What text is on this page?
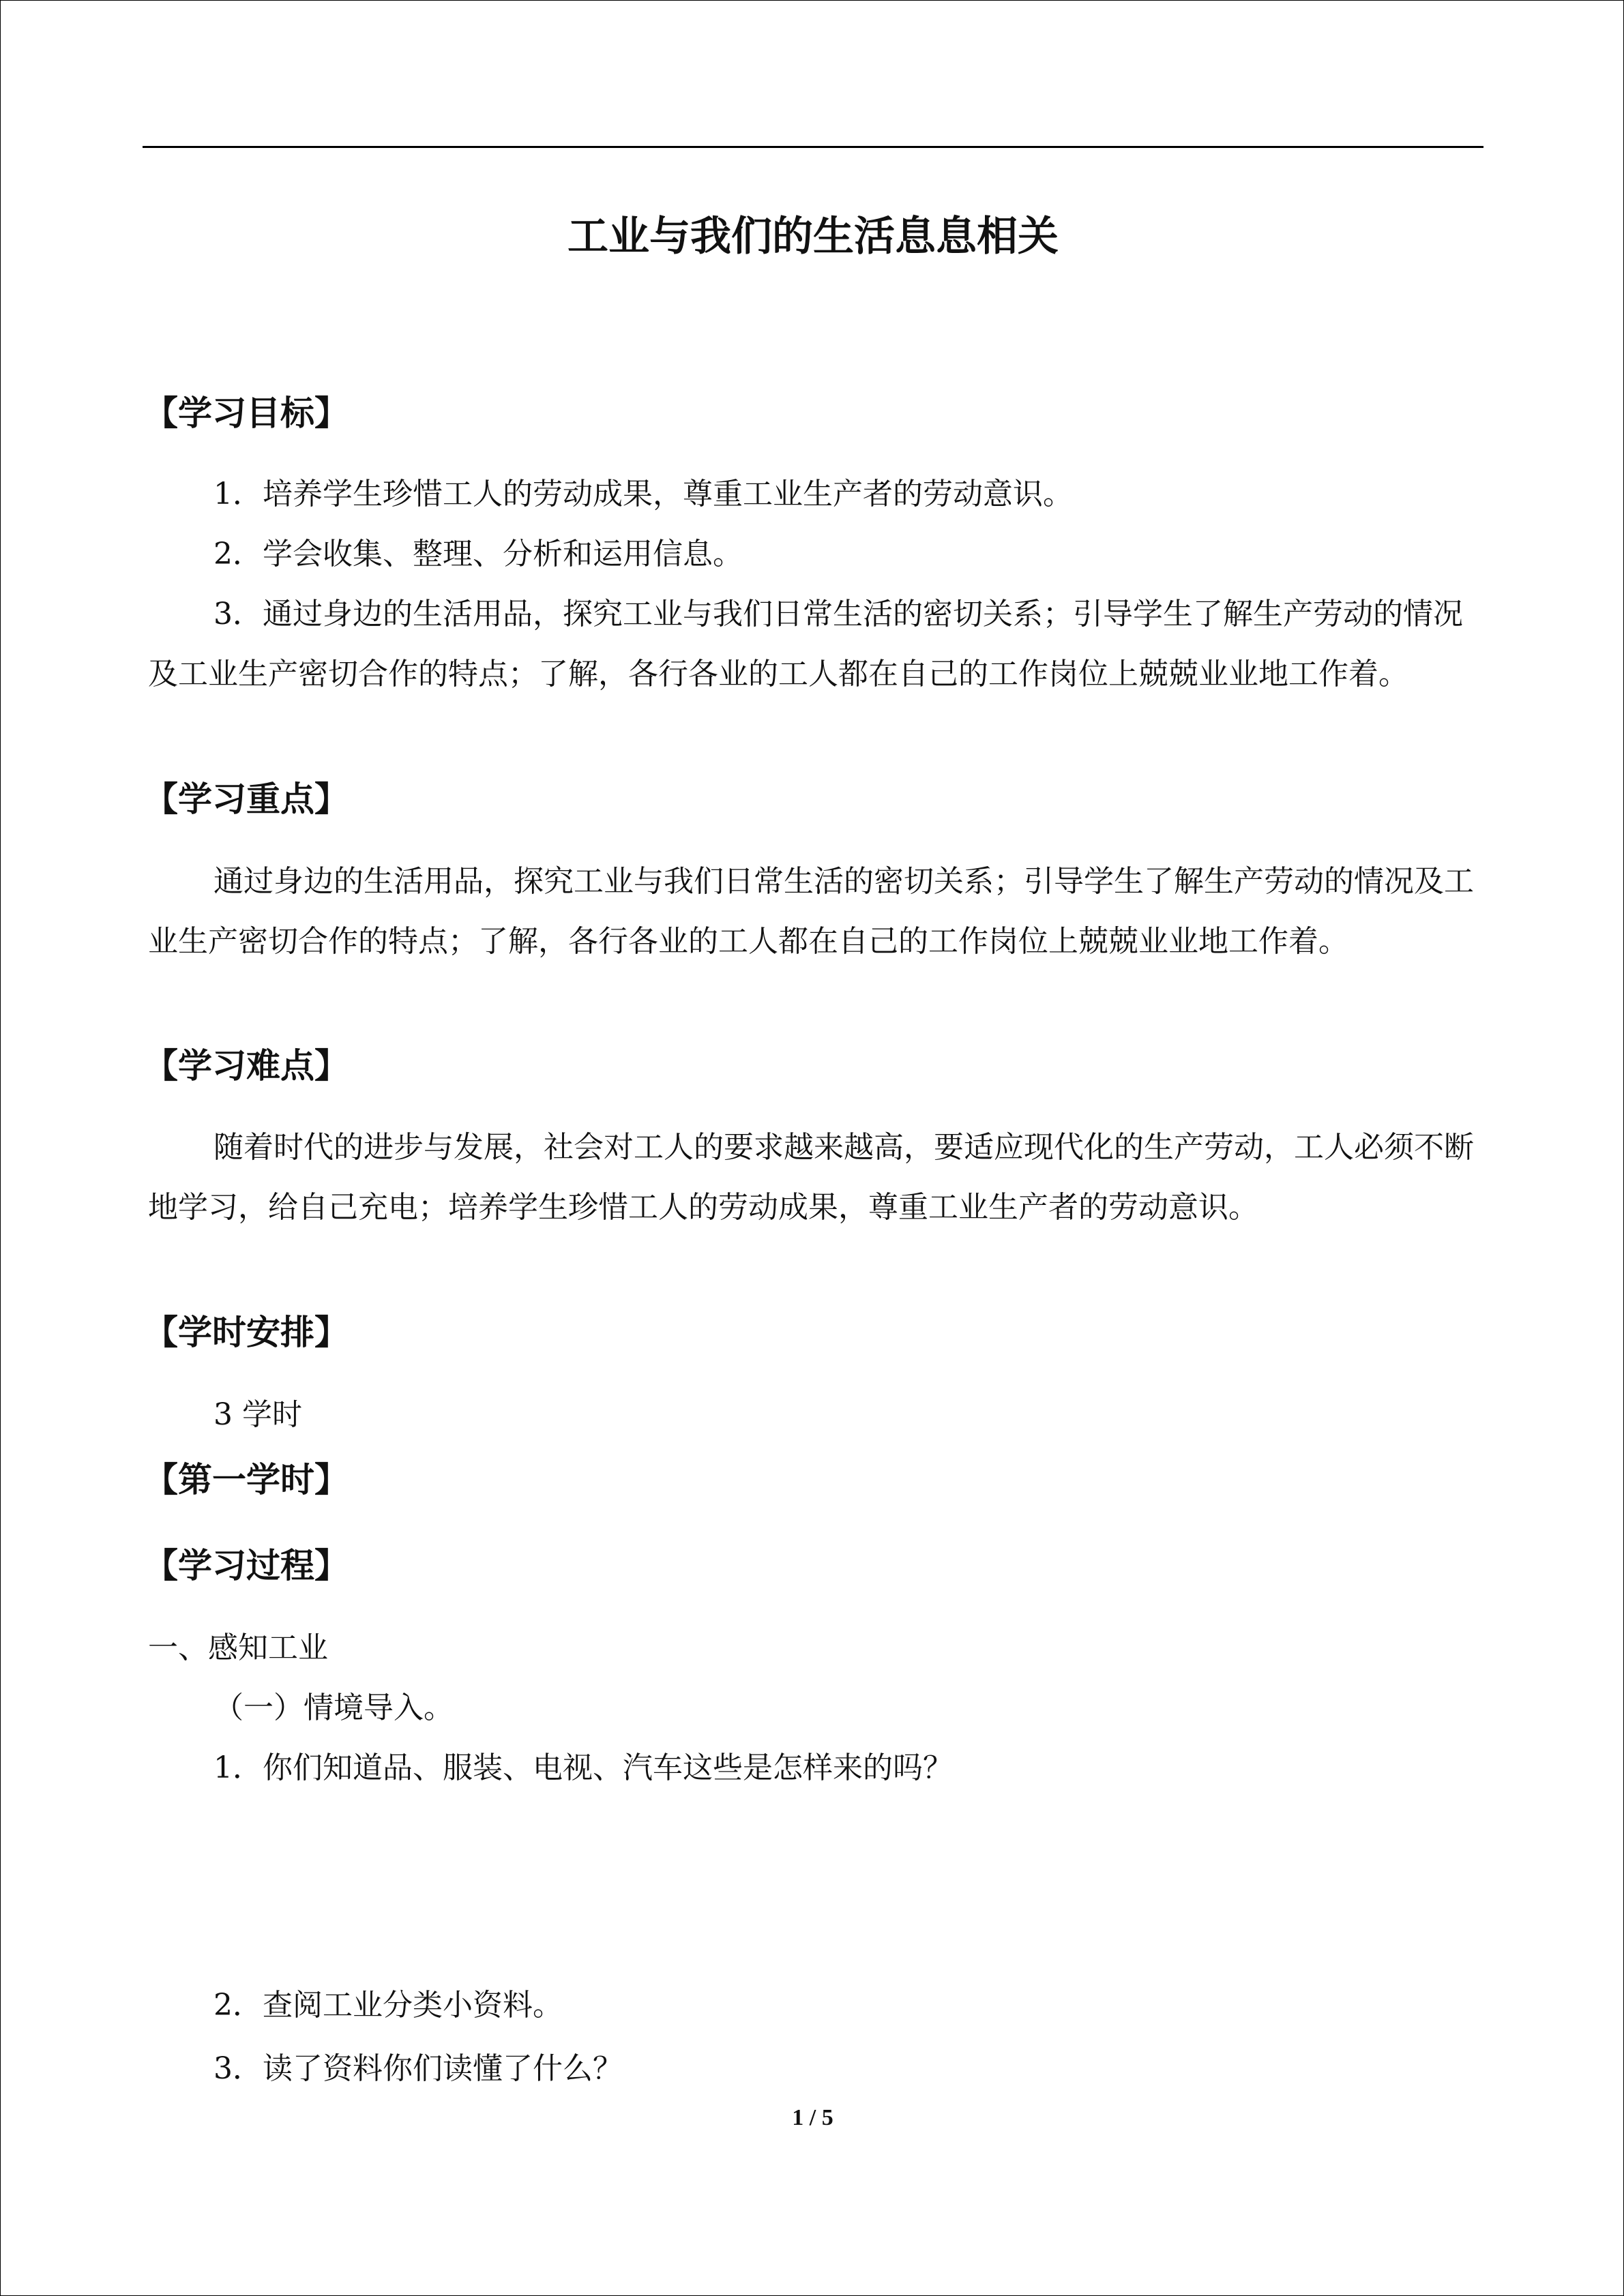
工业与我们的生活息息相关
【学习目标】

1．培养学生珍惜工人的劳动成果，尊重工业生产者的劳动意识。

2．学会收集、整理、分析和运用信息。

3．通过身边的生活用品，探究工业与我们日常生活的密切关系；引导学生了解生产劳动的情况及工业生产密切合作的特点；了解，各行各业的工人都在自己的工作岗位上兢兢业业地工作着。

【学习重点】

通过身边的生活用品，探究工业与我们日常生活的密切关系；引导学生了解生产劳动的情况及工业生产密切合作的特点；了解，各行各业的工人都在自己的工作岗位上兢兢业业地工作着。

【学习难点】

随着时代的进步与发展，社会对工人的要求越来越高，要适应现代化的生产劳动，工人必须不断地学习，给自己充电；培养学生珍惜工人的劳动成果，尊重工业生产者的劳动意识。

【学时安排】

3 学时

【第一学时】
【学习过程】

一、感知工业

（一）情境导入。

1．你们知道品、服装、电视、汽车这些是怎样来的吗？

2．查阅工业分类小资料。

3．读了资料你们读懂了什么？

1 / 5
